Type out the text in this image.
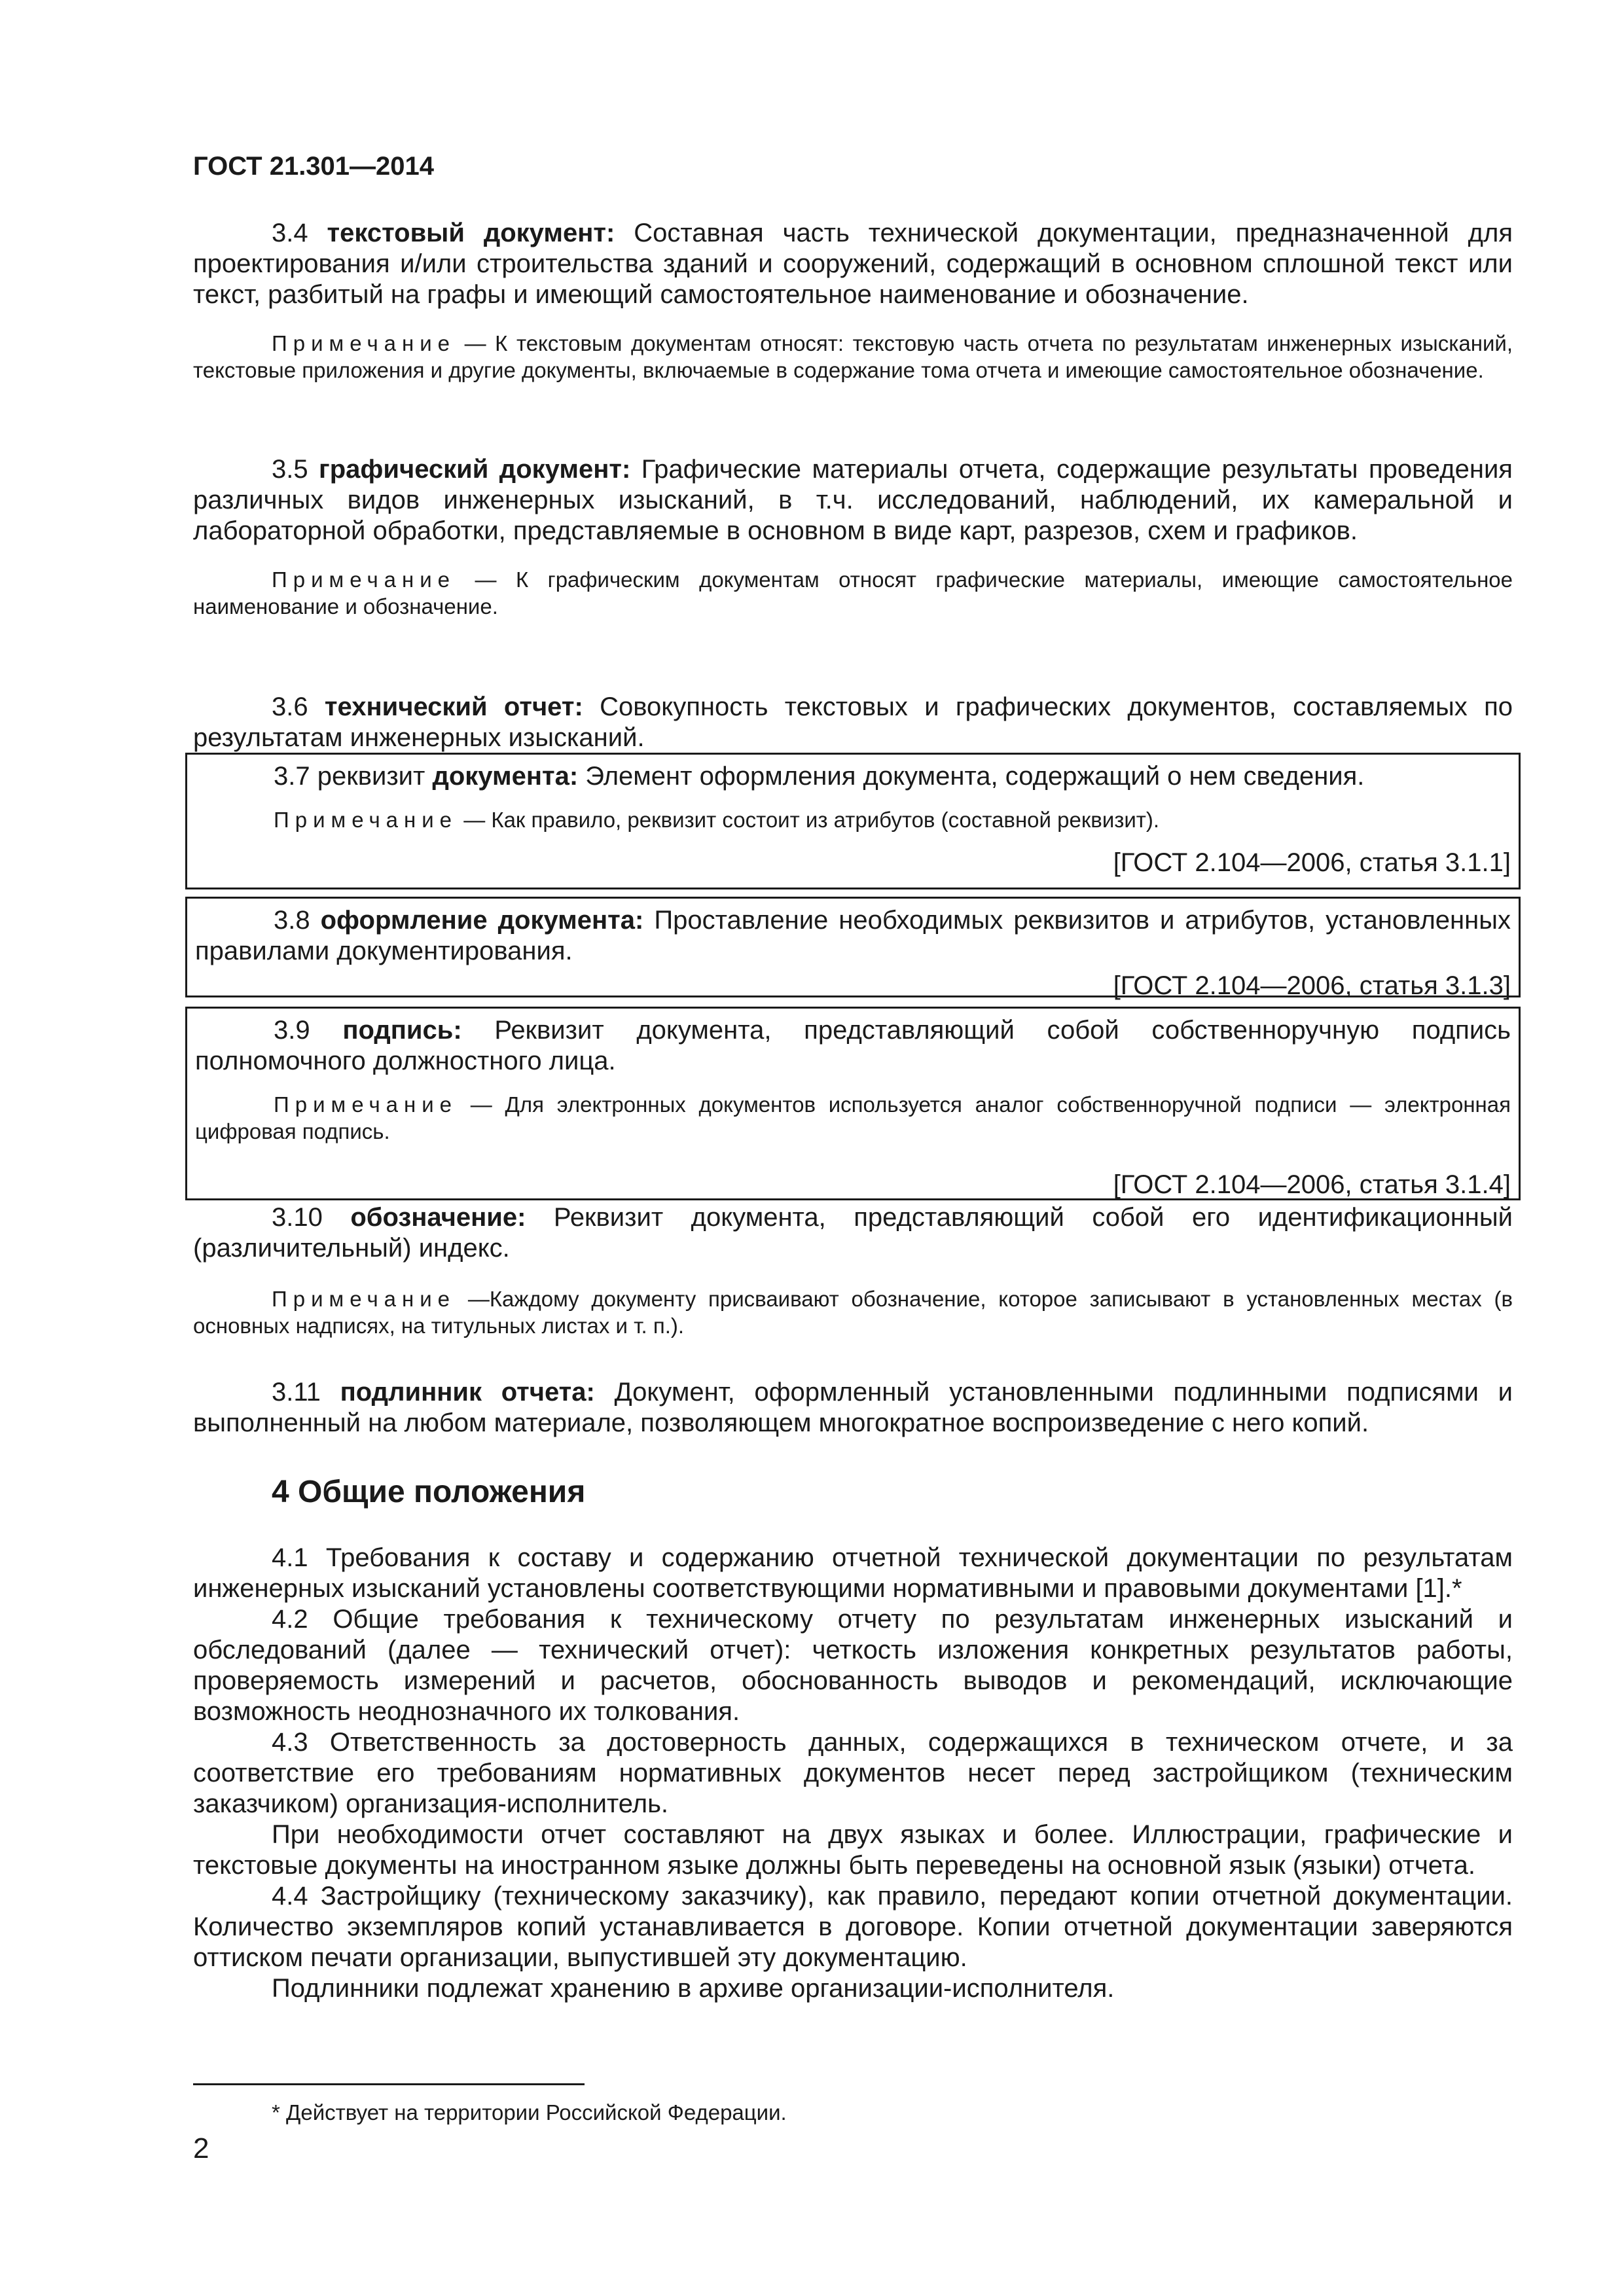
ГОСТ 21.301—2014

3.4 текстовый документ: Составная часть технической документации, предназначенной для проектирования и/или строительства зданий и сооружений, содержащий в основном сплошной текст или текст, разбитый на графы и имеющий самостоятельное наименование и обозначение.

Примечание — К текстовым документам относят: текстовую часть отчета по результатам инженерных изысканий, текстовые приложения и другие документы, включаемые в содержание тома отчета и имеющие самостоятельное обозначение.

3.5 графический документ: Графические материалы отчета, содержащие результаты проведения различных видов инженерных изысканий, в т.ч. исследований, наблюдений, их камеральной и лабораторной обработки, представляемые в основном в виде карт, разрезов, схем и графиков.

Примечание — К графическим документам относят графические материалы, имеющие самостоятельное наименование и обозначение.

3.6 технический отчет: Совокупность текстовых и графических документов, составляемых по результатам инженерных изысканий.

3.7 реквизит документа: Элемент оформления документа, содержащий о нем сведения.

Примечание — Как правило, реквизит состоит из атрибутов (составной реквизит).

[ГОСТ 2.104—2006, статья 3.1.1]

3.8 оформление документа: Проставление необходимых реквизитов и атрибутов, установленных правилами документирования.

[ГОСТ 2.104—2006, статья 3.1.3]

3.9 подпись: Реквизит документа, представляющий собой собственноручную подпись полномочного должностного лица.

Примечание — Для электронных документов используется аналог собственноручной подписи — электронная цифровая подпись.

[ГОСТ 2.104—2006, статья 3.1.4]

3.10 обозначение: Реквизит документа, представляющий собой его идентификационный (различительный) индекс.

Примечание —Каждому документу присваивают обозначение, которое записывают в установленных местах (в основных надписях, на титульных листах и т. п.).

3.11 подлинник отчета: Документ, оформленный установленными подлинными подписями и выполненный на любом материале, позволяющем многократное воспроизведение с него копий.

4 Общие положения

4.1 Требования к составу и содержанию отчетной технической документации по результатам инженерных изысканий установлены соответствующими нормативными и правовыми документами [1].*

4.2 Общие требования к техническому отчету по результатам инженерных изысканий и обследований (далее — технический отчет): четкость изложения конкретных результатов работы, проверяемость измерений и расчетов, обоснованность выводов и рекомендаций, исключающие возможность неоднозначного их толкования.

4.3 Ответственность за достоверность данных, содержащихся в техническом отчете, и за соответствие его требованиям нормативных документов несет перед застройщиком (техническим заказчиком) организация-исполнитель.

При необходимости отчет составляют на двух языках и более. Иллюстрации, графические и текстовые документы на иностранном языке должны быть переведены на основной язык (языки) отчета.

4.4 Застройщику (техническому заказчику), как правило, передают копии отчетной документации. Количество экземпляров копий устанавливается в договоре. Копии отчетной документации заверяются оттиском печати организации, выпустившей эту документацию.

Подлинники подлежат хранению в архиве организации-исполнителя.

* Действует на территории Российской Федерации.
2
